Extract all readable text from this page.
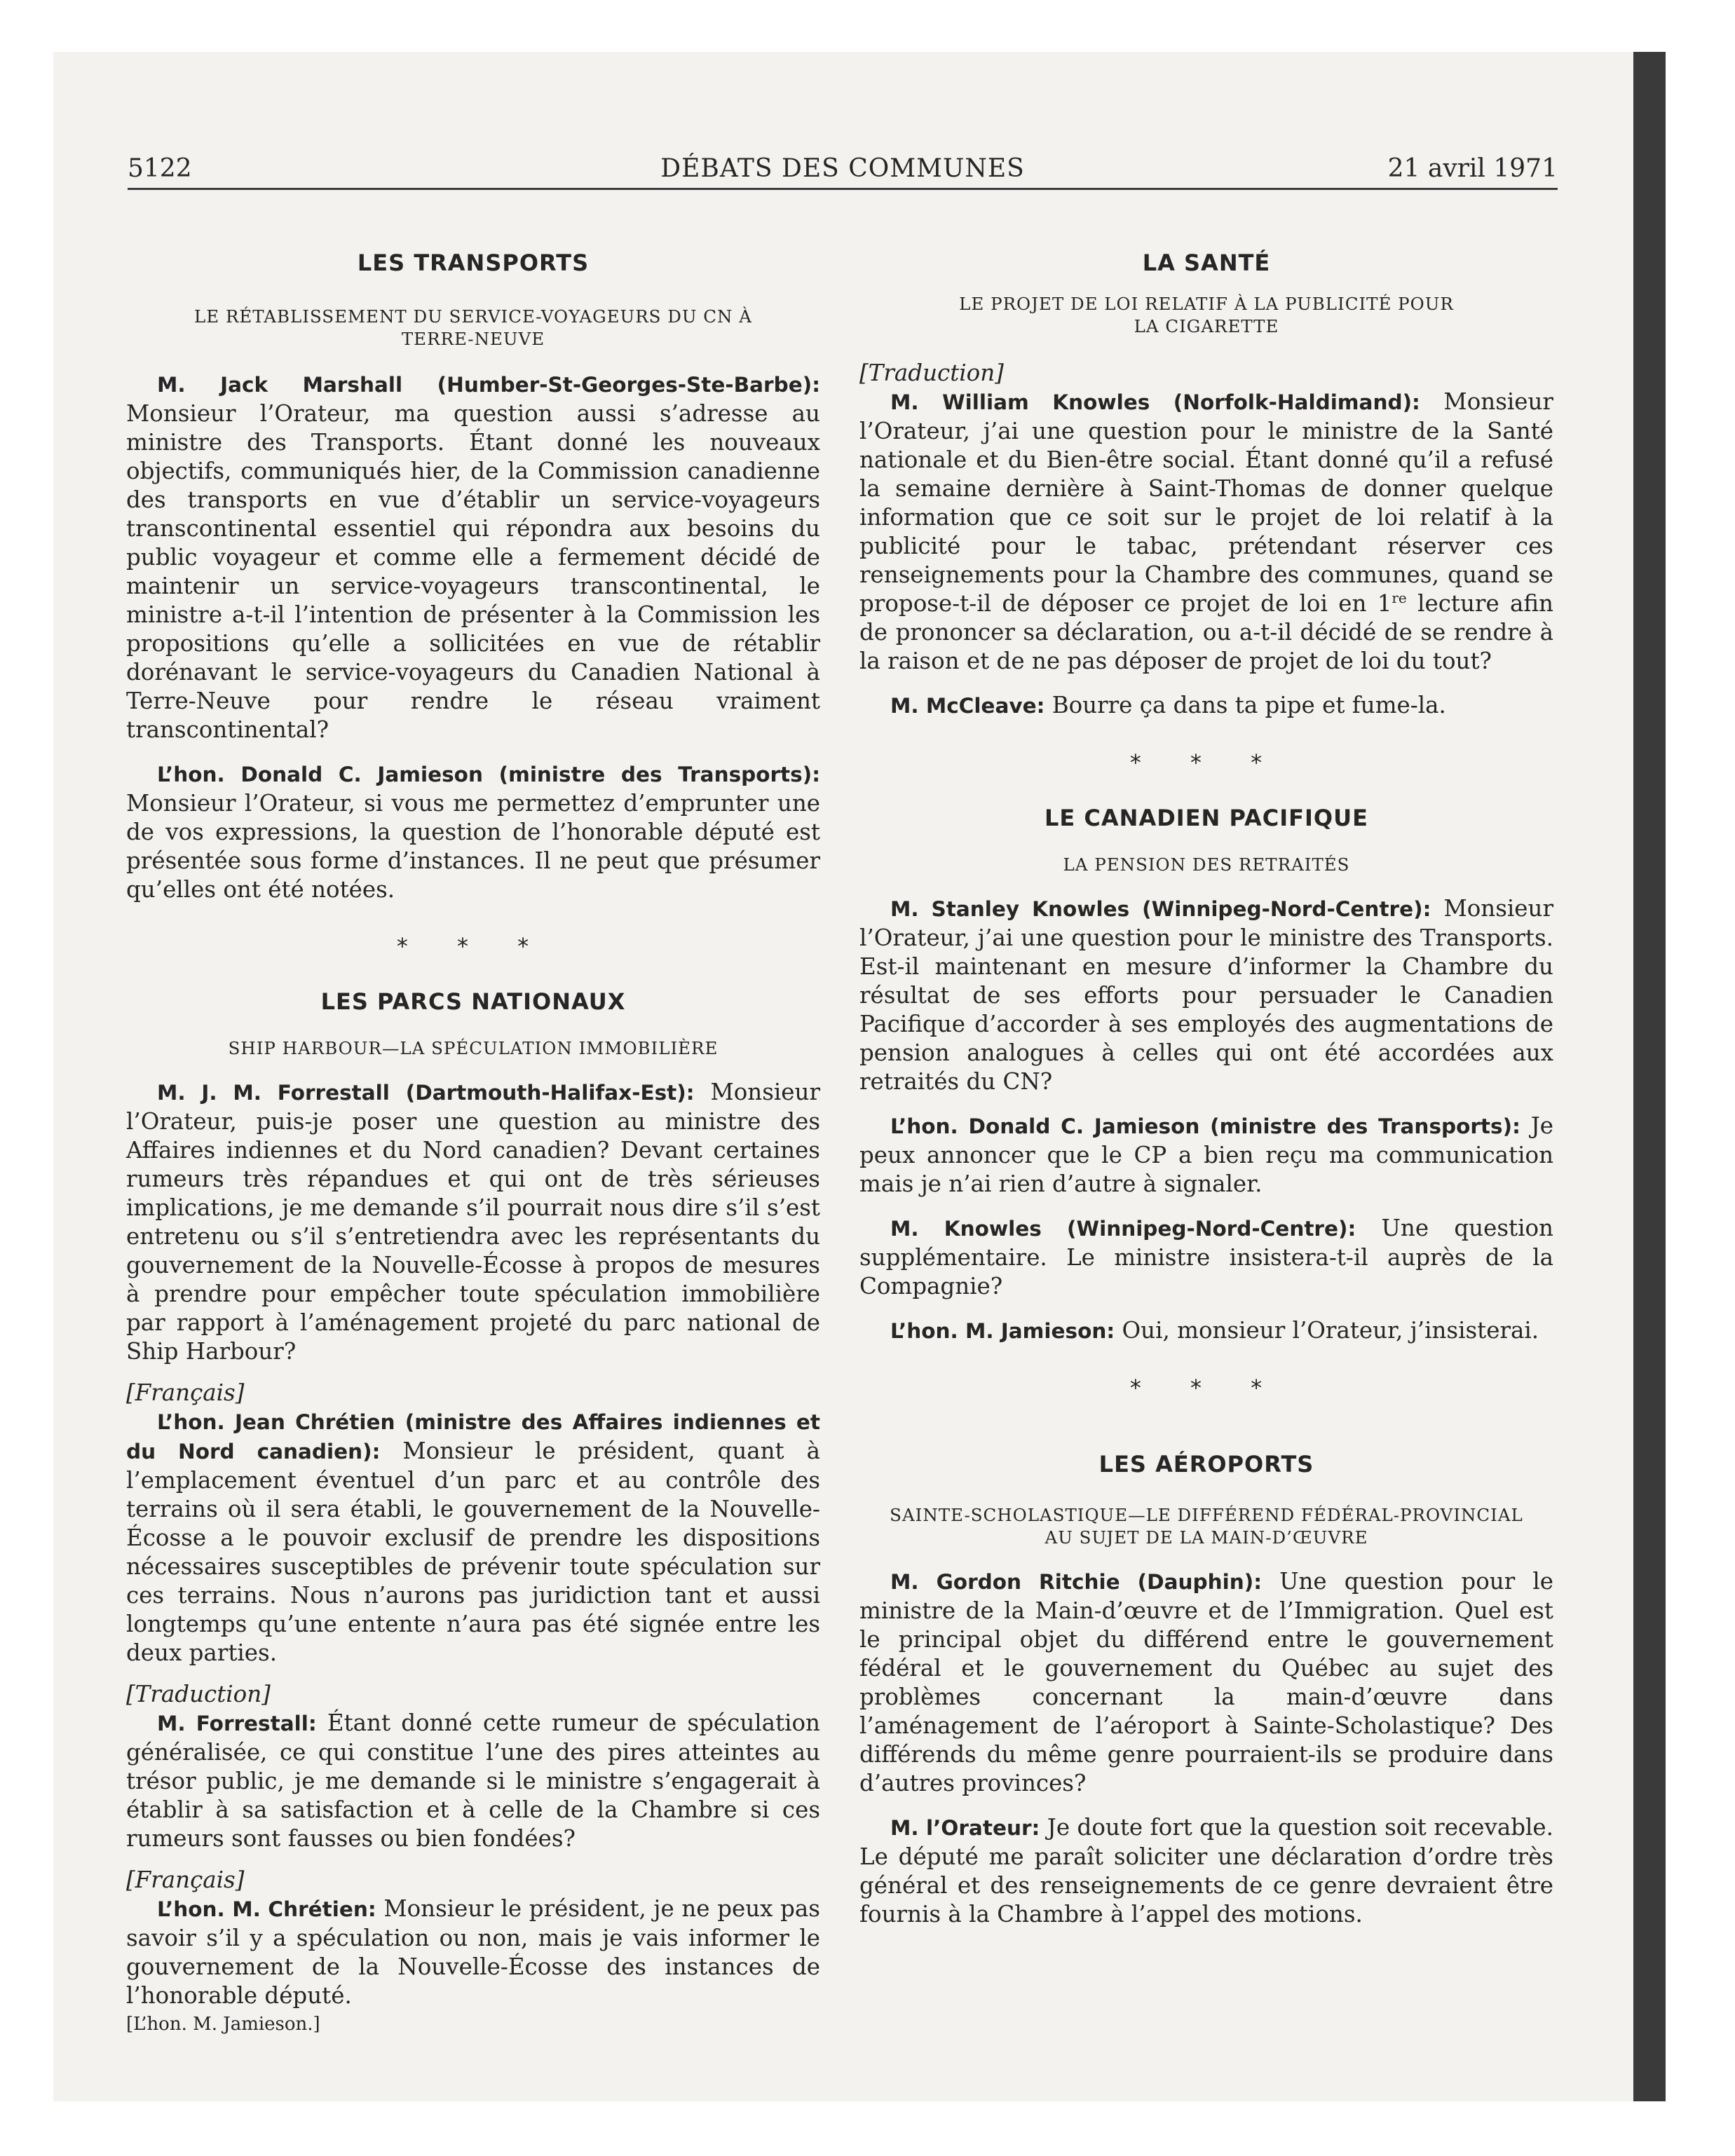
5122	DÉBATS DES COMMUNES	21 avril 1971
LES TRANSPORTS
LE RÉTABLISSEMENT DU SERVICE-VOYAGEURS DU CN À TERRE-NEUVE

M. Jack Marshall (Humber-St-Georges-Ste-Barbe): Monsieur l’Orateur, ma question aussi s’adresse au ministre des Transports. Étant donné les nouveaux objectifs, communiqués hier, de la Commission canadienne des transports en vue d’établir un service-voyageurs transcontinental essentiel qui répondra aux besoins du public voyageur et comme elle a fermement décidé de maintenir un service-voyageurs transcontinental, le ministre a-t-il l’intention de présenter à la Commission les propositions qu’elle a sollicitées en vue de rétablir dorénavant le service-voyageurs du Canadien National à Terre-Neuve pour rendre le réseau vraiment transcontinental?

L’hon. Donald C. Jamieson (ministre des Transports): Monsieur l’Orateur, si vous me permettez d’emprunter une de vos expressions, la question de l’honorable député est présentée sous forme d’instances. Il ne peut que présumer qu’elles ont été notées.

* * *
LES PARCS NATIONAUX
SHIP HARBOUR—LA SPÉCULATION IMMOBILIÈRE

M. J. M. Forrestall (Dartmouth-Halifax-Est): Monsieur l’Orateur, puis-je poser une question au ministre des Affaires indiennes et du Nord canadien? Devant certaines rumeurs très répandues et qui ont de très sérieuses implications, je me demande s’il pourrait nous dire s’il s’est entretenu ou s’il s’entretiendra avec les représentants du gouvernement de la Nouvelle-Écosse à propos de mesures à prendre pour empêcher toute spéculation immobilière par rapport à l’aménagement projeté du parc national de Ship Harbour?

[Français]

L’hon. Jean Chrétien (ministre des Affaires indiennes et du Nord canadien): Monsieur le président, quant à l’emplacement éventuel d’un parc et au contrôle des terrains où il sera établi, le gouvernement de la Nouvelle-Écosse a le pouvoir exclusif de prendre les dispositions nécessaires susceptibles de prévenir toute spéculation sur ces terrains. Nous n’aurons pas juridiction tant et aussi longtemps qu’une entente n’aura pas été signée entre les deux parties.

[Traduction]

M. Forrestall: Étant donné cette rumeur de spéculation généralisée, ce qui constitue l’une des pires atteintes au trésor public, je me demande si le ministre s’engagerait à établir à sa satisfaction et à celle de la Chambre si ces rumeurs sont fausses ou bien fondées?

[Français]

L’hon. M. Chrétien: Monsieur le président, je ne peux pas savoir s’il y a spéculation ou non, mais je vais informer le gouvernement de la Nouvelle-Écosse des instances de l’honorable député.

[L’hon. M. Jamieson.]

LA SANTÉ
LE PROJET DE LOI RELATIF À LA PUBLICITÉ POUR LA CIGARETTE

[Traduction]

M. William Knowles (Norfolk-Haldimand): Monsieur l’Orateur, j’ai une question pour le ministre de la Santé nationale et du Bien-être social. Étant donné qu’il a refusé la semaine dernière à Saint-Thomas de donner quelque information que ce soit sur le projet de loi relatif à la publicité pour le tabac, prétendant réserver ces renseignements pour la Chambre des communes, quand se propose-t-il de déposer ce projet de loi en 1re lecture afin de prononcer sa déclaration, ou a-t-il décidé de se rendre à la raison et de ne pas déposer de projet de loi du tout?

M. McCleave: Bourre ça dans ta pipe et fume-la.

* * *
LE CANADIEN PACIFIQUE
LA PENSION DES RETRAITÉS

M. Stanley Knowles (Winnipeg-Nord-Centre): Monsieur l’Orateur, j’ai une question pour le ministre des Transports. Est-il maintenant en mesure d’informer la Chambre du résultat de ses efforts pour persuader le Canadien Pacifique d’accorder à ses employés des augmentations de pension analogues à celles qui ont été accordées aux retraités du CN?

L’hon. Donald C. Jamieson (ministre des Transports): Je peux annoncer que le CP a bien reçu ma communication mais je n’ai rien d’autre à signaler.

M. Knowles (Winnipeg-Nord-Centre): Une question supplémentaire. Le ministre insistera-t-il auprès de la Compagnie?

L’hon. M. Jamieson: Oui, monsieur l’Orateur, j’insisterai.

* * *
LES AÉROPORTS
SAINTE-SCHOLASTIQUE—LE DIFFÉREND FÉDÉRAL-PROVINCIAL AU SUJET DE LA MAIN-D’ŒUVRE

M. Gordon Ritchie (Dauphin): Une question pour le ministre de la Main-d’œuvre et de l’Immigration. Quel est le principal objet du différend entre le gouvernement fédéral et le gouvernement du Québec au sujet des problèmes concernant la main-d’œuvre dans l’aménagement de l’aéroport à Sainte-Scholastique? Des différends du même genre pourraient-ils se produire dans d’autres provinces?

M. l’Orateur: Je doute fort que la question soit recevable. Le député me paraît soliciter une déclaration d’ordre très général et des renseignements de ce genre devraient être fournis à la Chambre à l’appel des motions.
